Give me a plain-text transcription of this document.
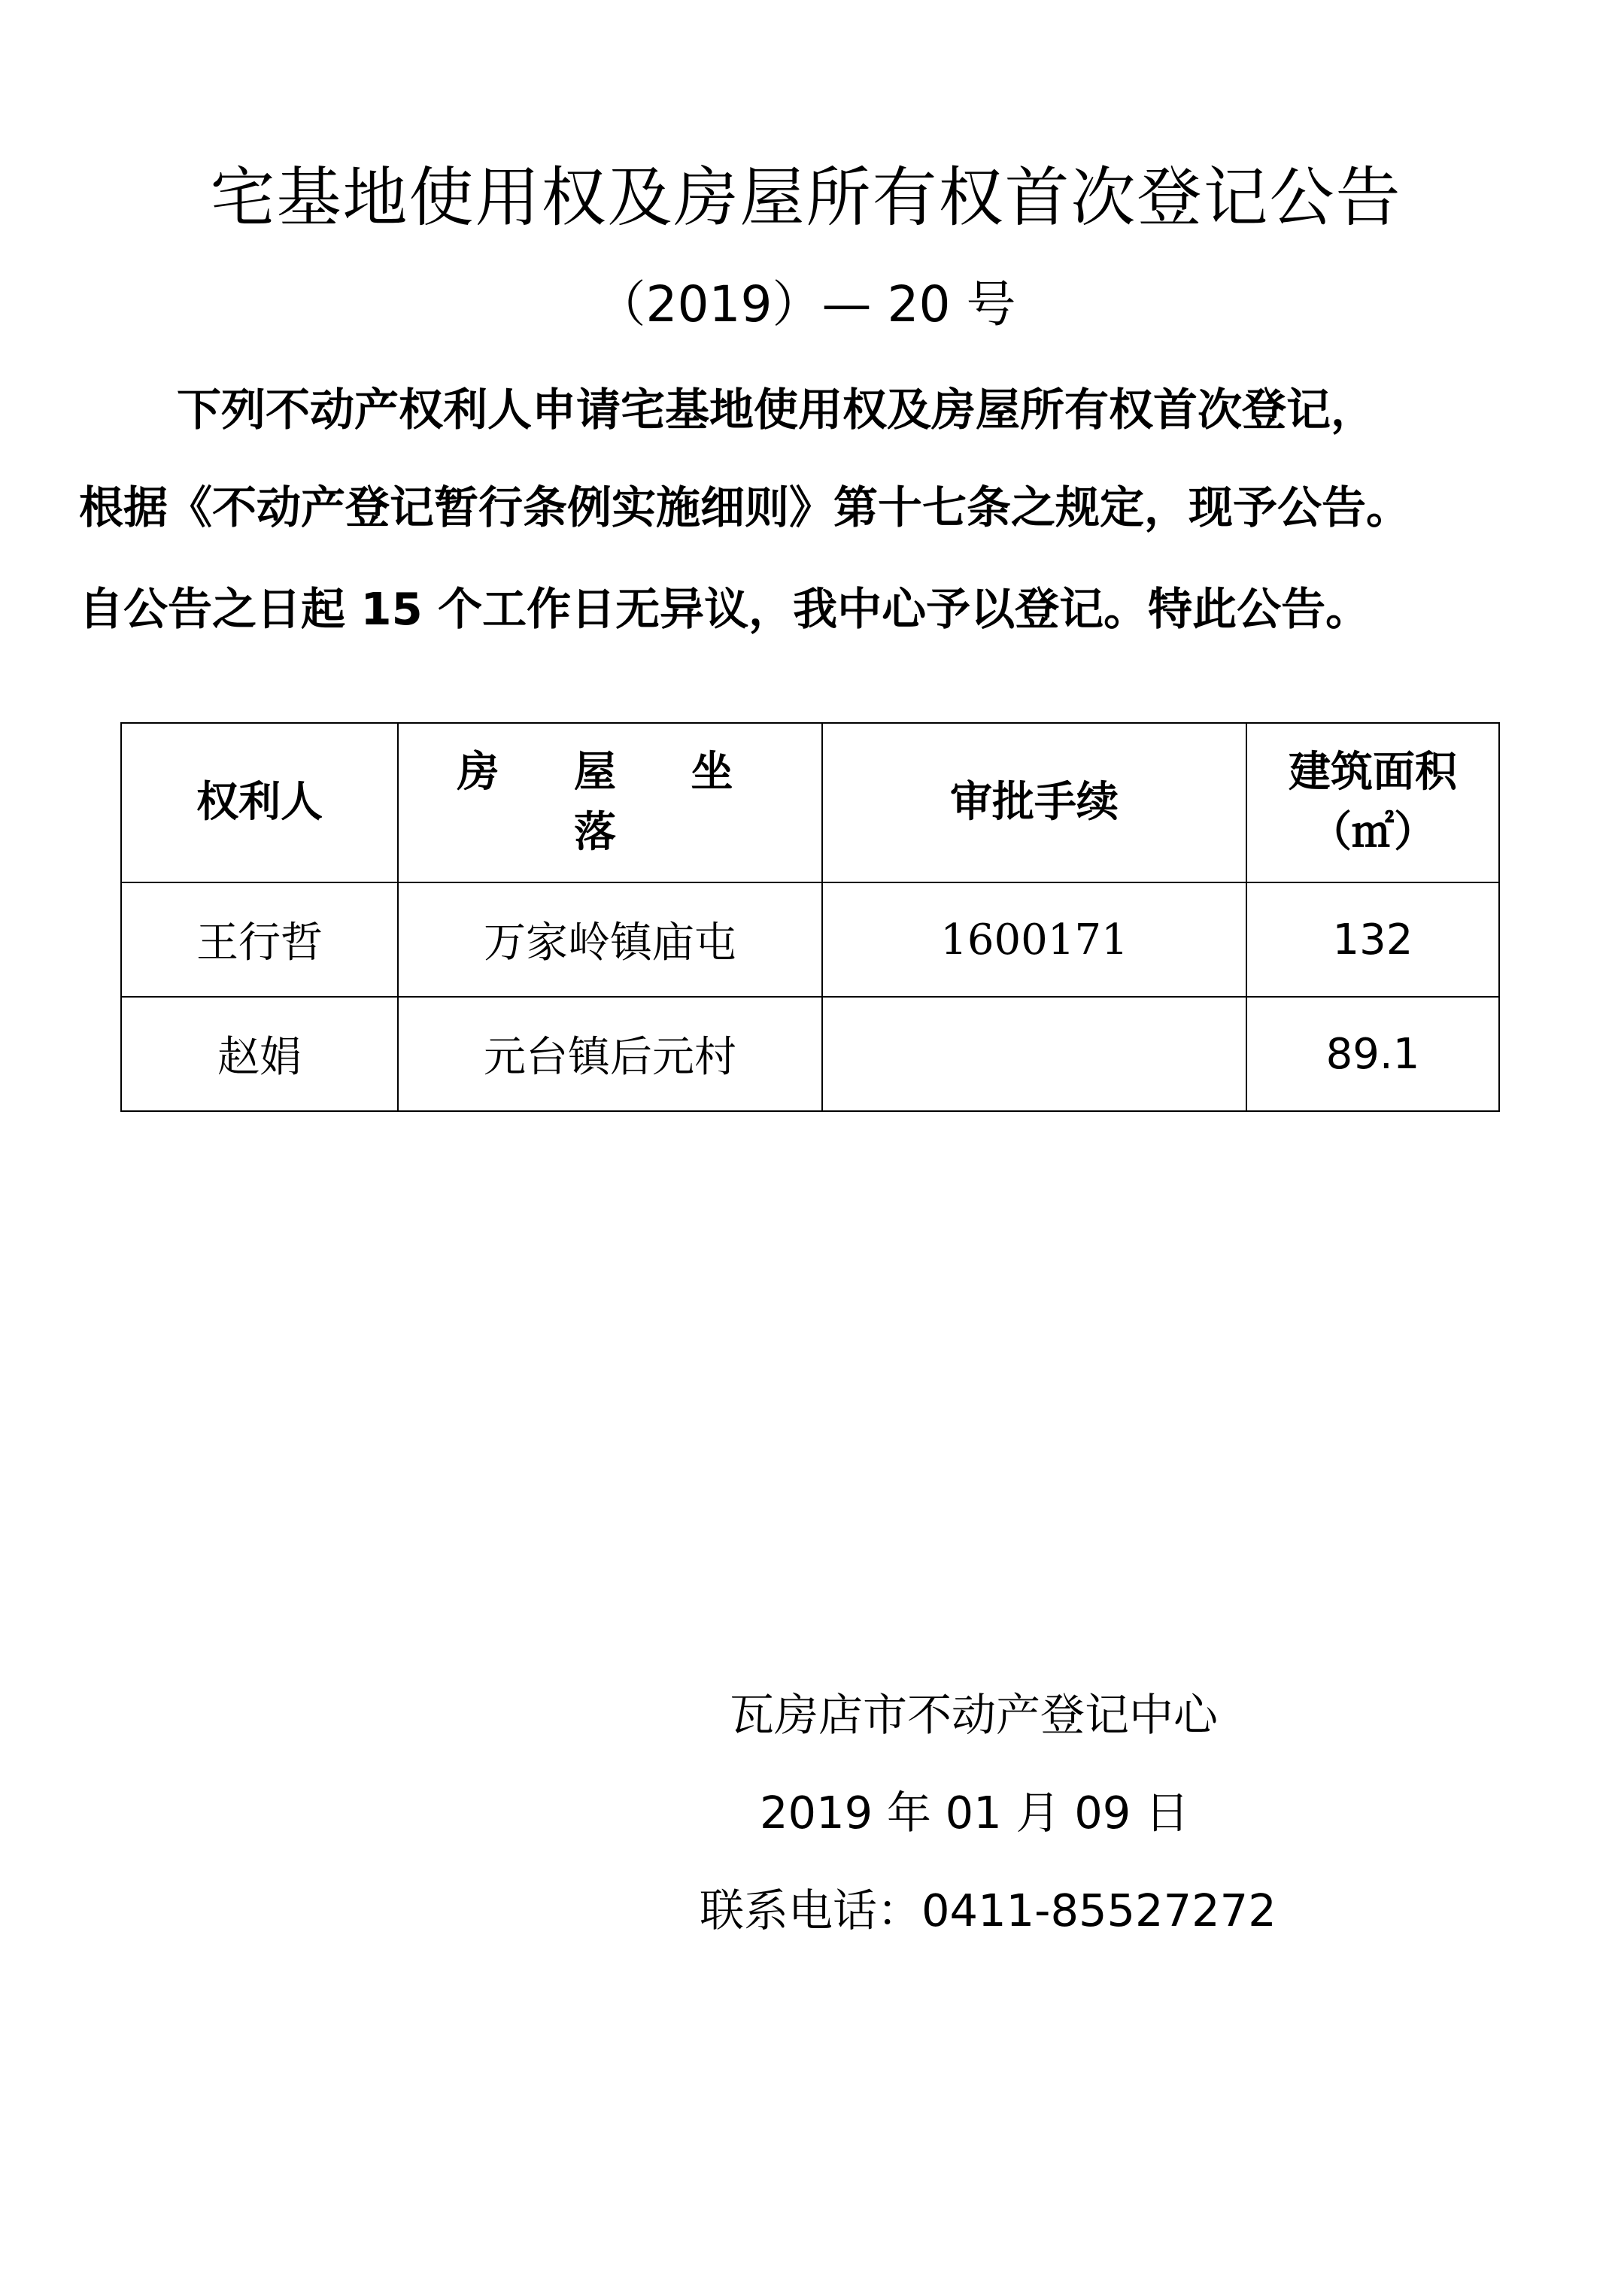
宅基地使用权及房屋所有权首次登记公告
（2019）— 20 号
下列不动产权利人申请宅基地使用权及房屋所有权首次登记，
根据《不动产登记暂行条例实施细则》第十七条之规定，现予公告。
自公告之日起 15 个工作日无异议，我中心予以登记。特此公告。
权利人	房 屋 坐 落	审批手续	建筑面积
（㎡）

王行哲	万家岭镇庙屯	1600171	132
赵娟	元台镇后元村		89.1
瓦房店市不动产登记中心
2019 年 01 月 09 日
联系电话：0411-85527272
